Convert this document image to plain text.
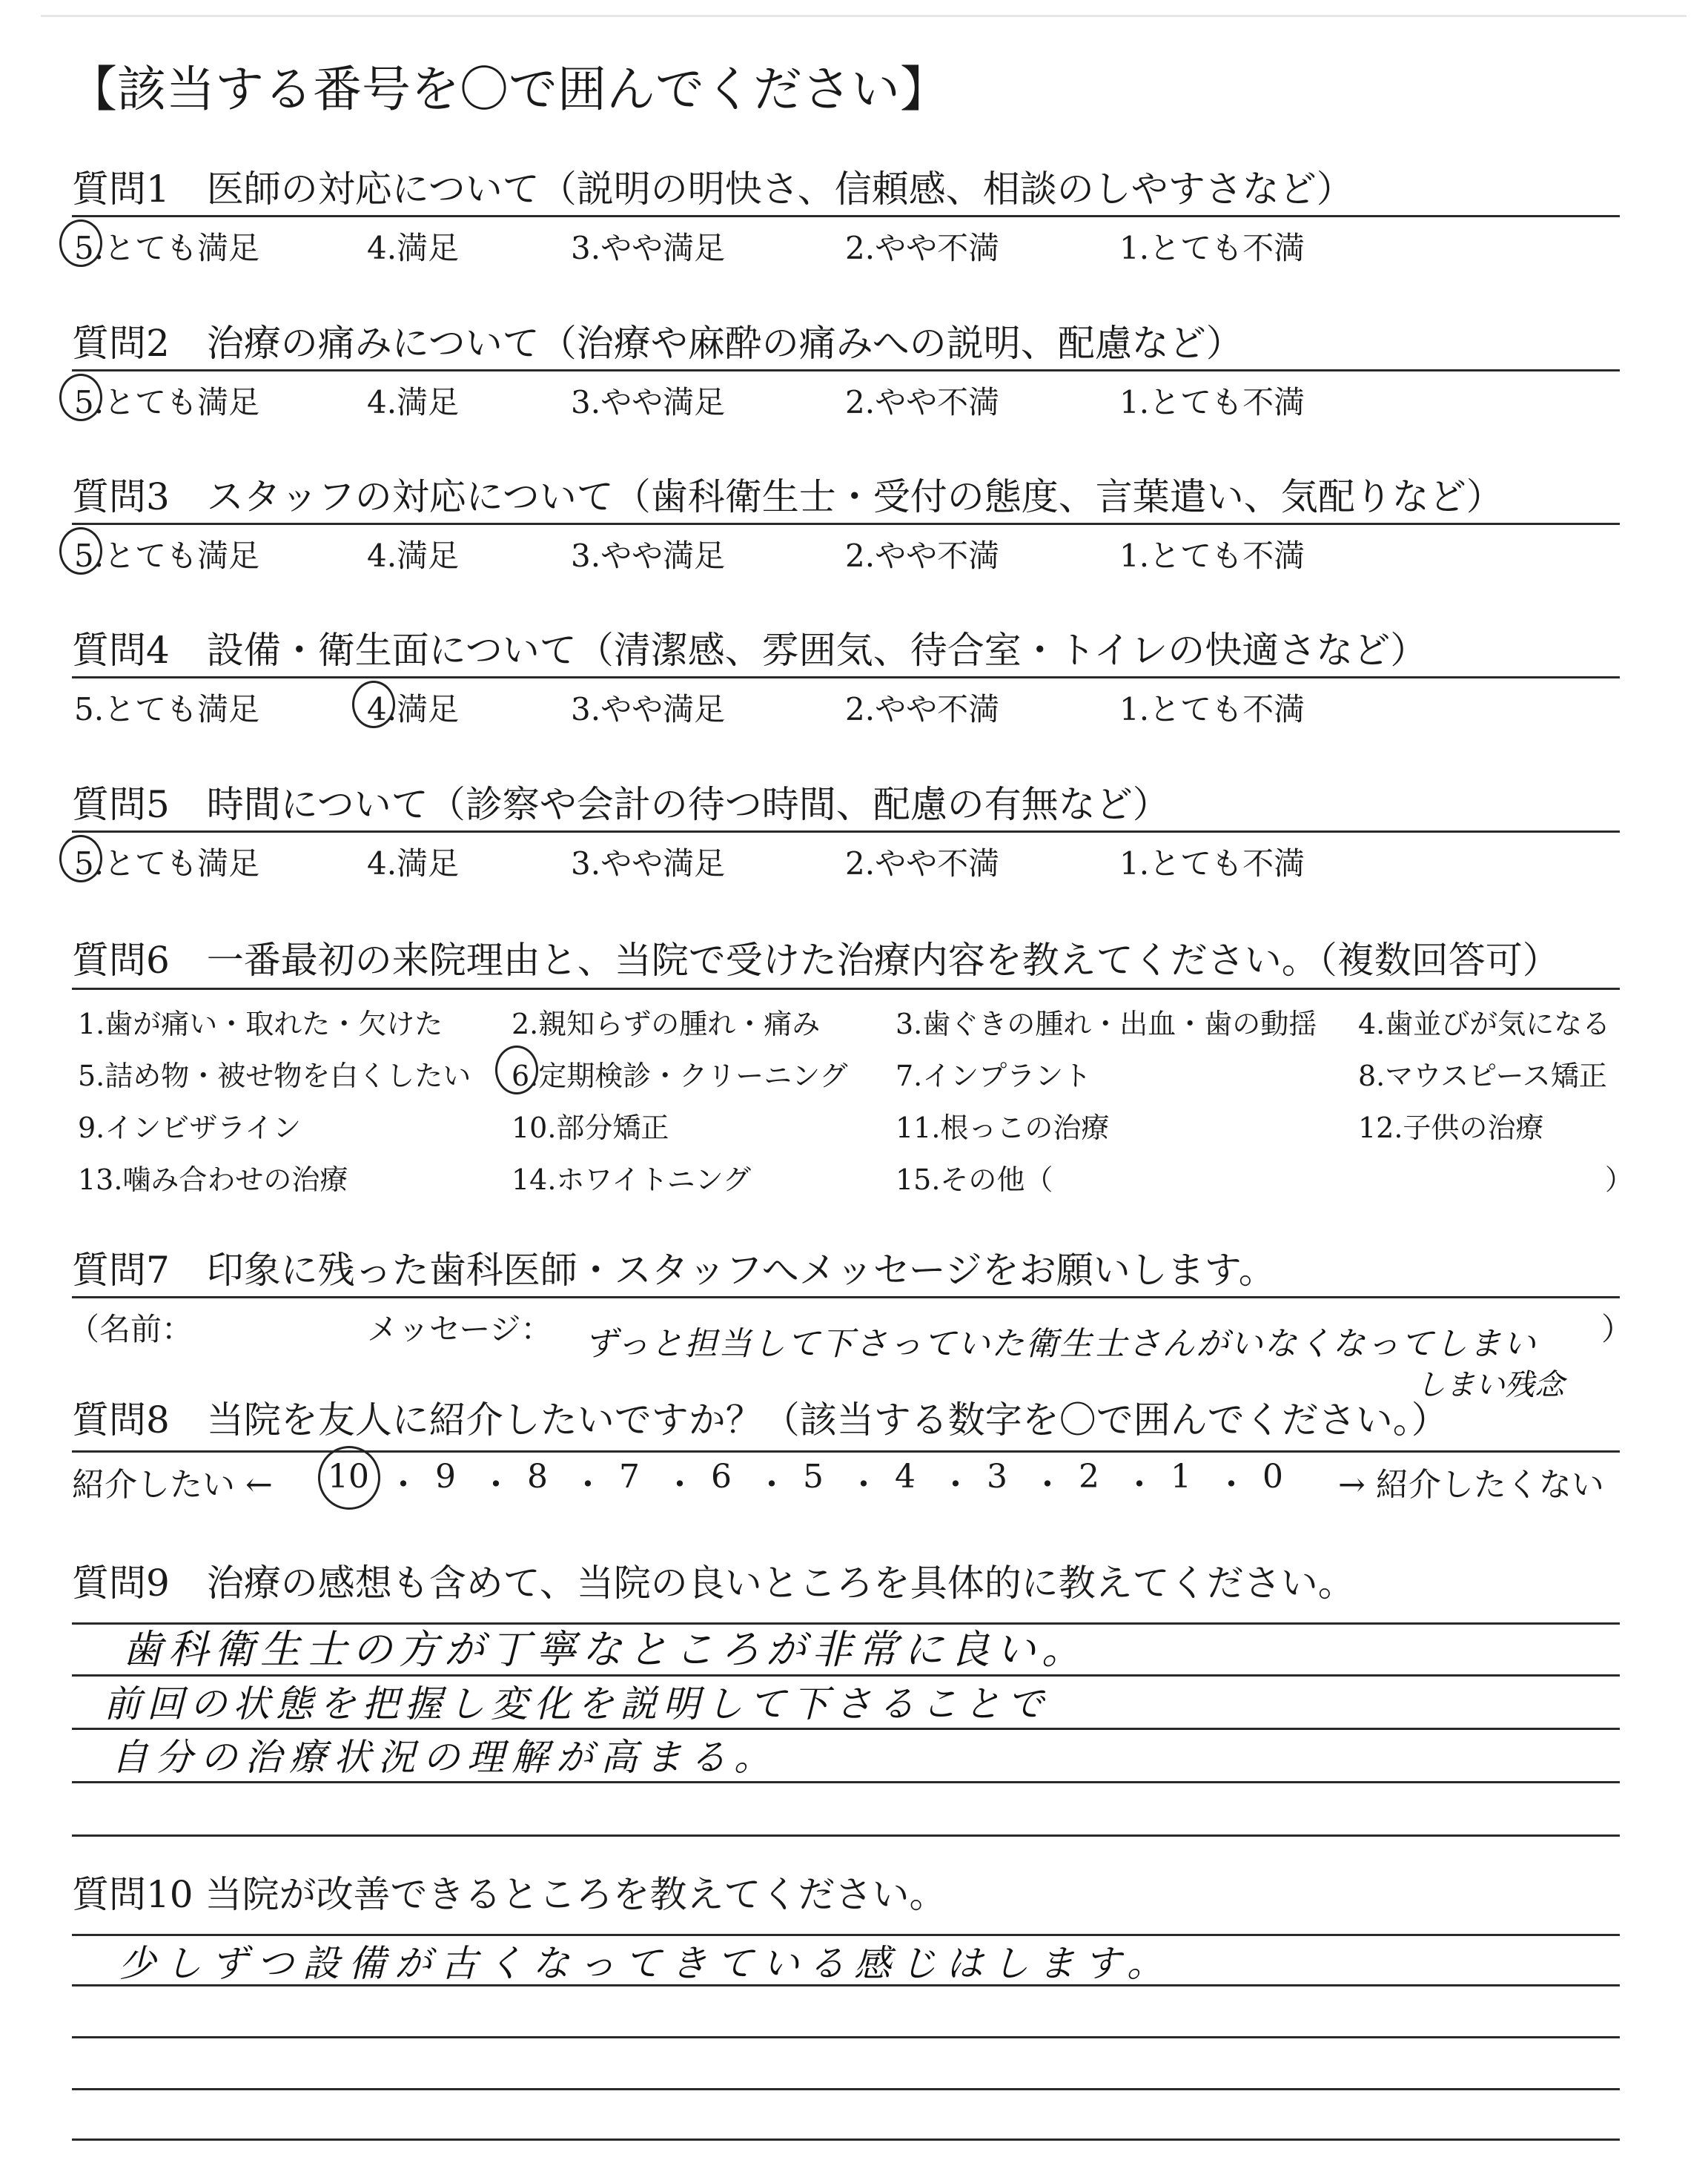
【該当する番号を〇で囲んでください】
質問1　医師の対応について（説明の明快さ、信頼感、相談のしやすさなど）
5.とても満足	4.満足	3.やや満足	2.やや不満	1.とても不満
質問2　治療の痛みについて（治療や麻酔の痛みへの説明、配慮など）
5.とても満足	4.満足	3.やや満足	2.やや不満	1.とても不満
質問3　スタッフの対応について（歯科衛生士・受付の態度、言葉遣い、気配りなど）
5.とても満足	4.満足	3.やや満足	2.やや不満	1.とても不満
質問4　設備・衛生面について（清潔感、雰囲気、待合室・トイレの快適さなど）
5.とても満足	4.満足	3.やや満足	2.やや不満	1.とても不満
質問5　時間について（診察や会計の待つ時間、配慮の有無など）
5.とても満足	4.満足	3.やや満足	2.やや不満	1.とても不満
質問6　一番最初の来院理由と、当院で受けた治療内容を教えてください。（複数回答可）
1.歯が痛い・取れた・欠けた 2.親知らずの腫れ・痛み	3.歯ぐきの腫れ・出血・歯の動揺 4.歯並びが気になる
5.詰め物・被せ物を白くしたい 6.定期検診・クリーニング 7.インプラント	8.マウスピース矯正
9.インビザライン	10.部分矯正	11.根っこの治療	12.子供の治療
13.噛み合わせの治療	14.ホワイトニング	15.その他（	）
質問7　印象に残った歯科医師・スタッフへメッセージをお願いします。
（名前：	メッセージ：	）
ずっと担当して下さっていた衛生士さんがいなくなってしまい
しまい残念
質問8　当院を友人に紹介したいですか？（該当する数字を〇で囲んでください。）
紹介したい ← 10 ・ 9 ・ 8 ・ 7 ・ 6 ・ 5 ・ 4 ・ 3 ・ 2 ・ 1 ・ 0 → 紹介したくない
質問9　治療の感想も含めて、当院の良いところを具体的に教えてください。
歯科衛生士の方が丁寧なところが非常に良い。
前回の状態を把握し変化を説明して下さることで
自分の治療状況の理解が高まる。
質問10 当院が改善できるところを教えてください。
少しずつ設備が古くなってきている感じはします。
